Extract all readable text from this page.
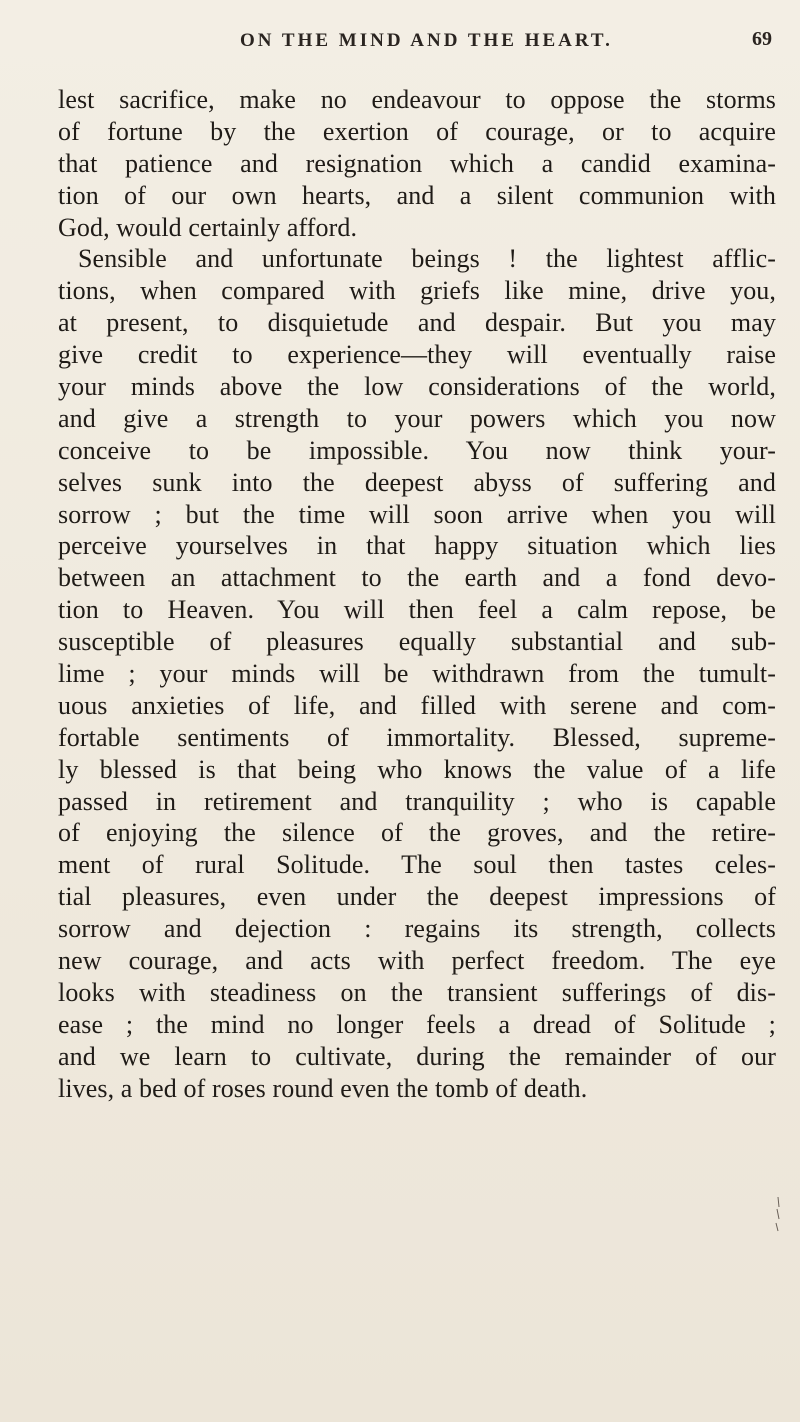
ON THE MIND AND THE HEART.	69
lest sacrifice, make no endeavour to oppose the storms
of fortune by the exertion of courage, or to acquire
that patience and resignation which a candid examina-
tion of our own hearts, and a silent communion with
God, would certainly afford.
Sensible and unfortunate beings ! the lightest afflic-
tions, when compared with griefs like mine, drive you,
at present, to disquietude and despair. But you may
give credit to experience—they will eventually raise
your minds above the low considerations of the world,
and give a strength to your powers which you now
conceive to be impossible. You now think your-
selves sunk into the deepest abyss of suffering and
sorrow ; but the time will soon arrive when you will
perceive yourselves in that happy situation which lies
between an attachment to the earth and a fond devo-
tion to Heaven. You will then feel a calm repose, be
susceptible of pleasures equally substantial and sub-
lime ; your minds will be withdrawn from the tumult-
uous anxieties of life, and filled with serene and com-
fortable sentiments of immortality. Blessed, supreme-
ly blessed is that being who knows the value of a life
passed in retirement and tranquility ; who is capable
of enjoying the silence of the groves, and the retire-
ment of rural Solitude. The soul then tastes celes-
tial pleasures, even under the deepest impressions of
sorrow and dejection : regains its strength, collects
new courage, and acts with perfect freedom. The eye
looks with steadiness on the transient sufferings of dis-
ease ; the mind no longer feels a dread of Solitude ;
and we learn to cultivate, during the remainder of our
lives, a bed of roses round even the tomb of death.
